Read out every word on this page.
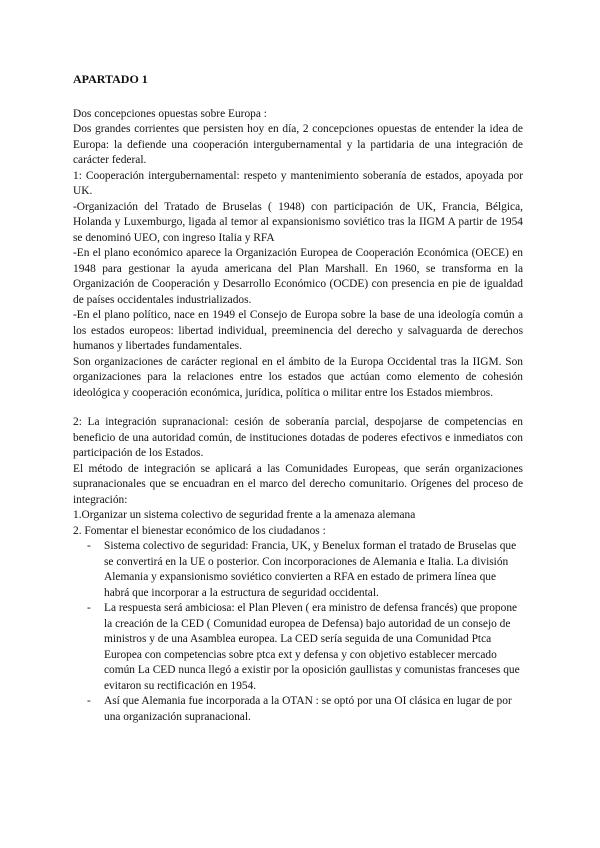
APARTADO 1

Dos concepciones opuestas sobre Europa :

Dos grandes corrientes que persisten hoy en día, 2 concepciones opuestas de entender la idea de Europa: la defiende una cooperación intergubernamental y la partidaria de una integración de carácter federal.

1: Cooperación intergubernamental: respeto y mantenimiento soberanía de estados, apoyada por UK.

-Organización del Tratado de Bruselas ( 1948) con participación de UK, Francia, Bélgica, Holanda y Luxemburgo, ligada al temor al expansionismo soviético tras la IIGM A partir de 1954 se denominó UEO, con ingreso Italia y RFA

-En el plano económico aparece la Organización Europea de Cooperación Económica (OECE) en 1948 para gestionar la ayuda americana del Plan Marshall. En 1960, se transforma en la Organización de Cooperación y Desarrollo Económico (OCDE) con presencia en pie de igualdad de países occidentales industrializados.

-En el plano político, nace en 1949 el Consejo de Europa sobre la base de una ideología común a los estados europeos: libertad individual, preeminencia del derecho y salvaguarda de derechos humanos y libertades fundamentales.

Son organizaciones de carácter regional en el ámbito de la Europa Occidental tras la IIGM. Son organizaciones para la relaciones entre los estados que actúan como elemento de cohesión ideológica y cooperación económica, jurídica, política o militar entre los Estados miembros.

2: La integración supranacional: cesión de soberanía parcial, despojarse de competencias en beneficio de una autoridad común, de instituciones dotadas de poderes efectivos e inmediatos con participación de los Estados.

El método de integración se aplicará a las Comunidades Europeas, que serán organizaciones supranacionales que se encuadran en el marco del derecho comunitario. Orígenes del proceso de integración:

1.Organizar un sistema colectivo de seguridad frente a la amenaza alemana

2. Fomentar el bienestar económico de los ciudadanos :

- Sistema colectivo de seguridad: Francia, UK, y Benelux forman el tratado de Bruselas que se convertirá en la UE o posterior. Con incorporaciones de Alemania e Italia. La división Alemania y expansionismo soviético convierten a RFA en estado de primera línea que habrá que incorporar a la estructura de seguridad occidental.
- La respuesta será ambiciosa: el Plan Pleven ( era ministro de defensa francés) que propone la creación de la CED ( Comunidad europea de Defensa) bajo autoridad de un consejo de ministros y de una Asamblea europea. La CED sería seguida de una Comunidad Ptca Europea con competencias sobre ptca ext y defensa y con objetivo establecer mercado común La CED nunca llegó a existir por la oposición gaullistas y comunistas franceses que evitaron su rectificación en 1954.
- Así que Alemania fue incorporada a la OTAN : se optó por una OI clásica en lugar de por una organización supranacional.
